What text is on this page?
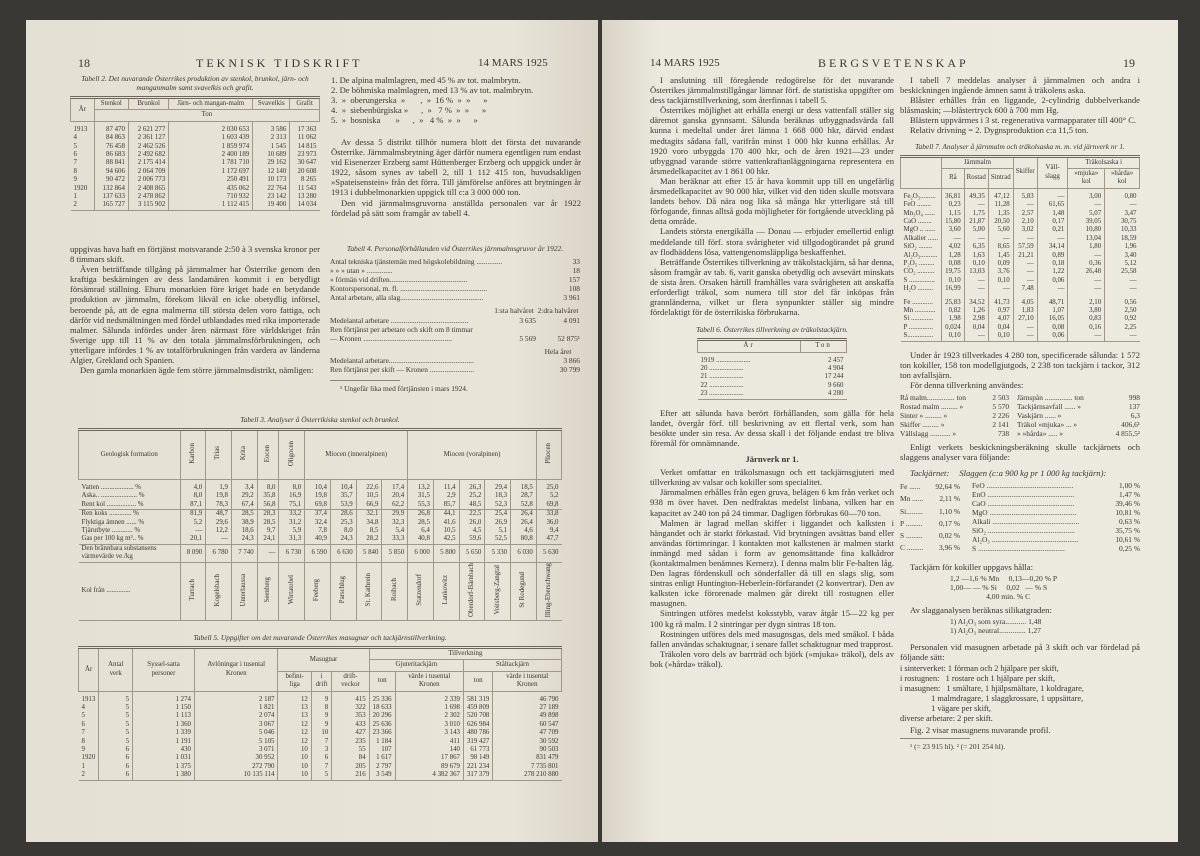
18	TEKNISK TIDSKRIFT	14 MARS 1925
Tabell 2. Det nuvarande Österrikes produktion av stenkol, brunkol, järn- och manganmalm samt svavelkis och grafit.
År	Stenkol	Brunkol	Järn- och mangan-malm	Svavelkis	Grafit
	Ton				
1913	87 470	2 621 277	2 030 653	3 586	17 363
4	84 863	2 361 127	1 603 439	2 313	11 062
5	76 458	2 462 526	1 859 974	1 545	14 815
6	86 683	2 492 682	2 400 189	10 689	23 973
7	88 841	2 175 414	1 781 710	29 162	30 647
8	94 606	2 064 709	1 172 697	12 140	20 608
9	90 472	2 006 773	250 491	10 173	8 265
1920	132 864	2 408 865	435 062	22 764	11 543
1	137 633	2 478 862	710 932	23 142	13 280
2	165 727	3 115 902	1 112 415	19 400	14 034

uppgivas hava haft en förtjänst motsvarande 2:50 à 3 svenska kronor per 8 timmars skift.

Även beträffande tillgång på järnmalmer har Österrike genom den kraftiga beskärningen av dess landamären kommit i en betydligt försämrad ställning. Ehuru monarkien före kriget hade en betydande produktion av järnmalm, förekom likväl en icke obetydlig införsel, beroende på, att de egna malmerna till största delen voro fattiga, och därför vid nedsmältningen med fördel utblandades med rika importerade malmer. Sålunda infördes under åren närmast före världskriget från Sverige upp till 11 % av den totala järnmalmsförbrukningen, och ytterligare infördes 1 % av totalförbrukningen från vardera av länderna Algier, Grekland och Spanien.

Den gamla monarkien ägde fem större järnmalmsdistrikt, nämligen:

1. De alpina malmlagren, med 45 % av tot. malmbrytn.
2. De böhmiska malmlagren, med 13 % av tot. malmbrytn.
3.  »  oberungerska  »       ,  »  16 %  »  »      »
4.  »  siebenbürgiska »      ,  »   7 %  »  »      »
5.  »  bosniska       »      ,  »   4 %  »  »      »

Av dessa 5 distrikt tillhör numera blott det första det nuvarande Österrike. Järnmalmsbrytning äger därför numera egentligen rum endast vid Eisenerzer Erzberg samt Hüttenberger Erzberg och uppgick under år 1922, såsom synes av tabell 2, till 1 112 415 ton, huvudsakligen »Spateisenstein» från det förra. Till jämförelse anföres att brytningen år 1913 i dubbelmonarkien uppgick till c:a 3 000 000 ton.

Den vid järnmalmsgruvorna anställda personalen var år 1922 fördelad på sätt som framgår av tabell 4.

Tabell 4. Personalförhållanden vid Österrikes järnmalmsgruvor år 1922.
Antal tekniska tjänstemän med högskolebildning ..............	33
» » » utan » ..............	18
» förmän vid driften..........................................	157
Kontorspersonal, m. fl. ...............................................	108
Antal arbetare, alla slag.............................................	3 961
	1:sta halvåret	2:dra halvåret
Medelantal arbetare ..........................................	3 635	4 091
Ren förtjänst per arbetare och skift om 8 timmar		
— Kronen ................................................	5 569	52 875¹
	Hela året
Medelantal arbetare..............................................	3 866
Ren förtjänst per skift — Kronen ........................	30 799
¹ Ungefär lika med förtjänsten i mars 1924.
Tabell 3. Analyser å Österrikiska stenkol och brunkol.
Geologisk formation	Karbon	Trias	Krita	Eocen	Oligocen	Miocen (inneralpinen)				Miocen (voralpinen)					Pliocen
Vatten ................... %	4,0	1,9	3,4	8,0	8,0	10,4	10,4	22,6	17,4	13,2	11,4	26,3	29,4	18,5	25,0
Aska.. ..................... %	8,0	19,8	29,2	35,8	16,9	19,8	35,7	10,5	20,4	31,5	2,9	25,2	18,3	28,7	5,2
Rent kol ................. %	87,1	78,3	67,4	56,8	75,1	69,8	53,9	66,9	62,2	55,3	85,7	48,5	52,3	52,8	69,8
Ren koks ............. %	81,9	48,7	28,5	28,3	33,2	37,4	28,6	32,1	29,9	26,8	44,1	22,5	25,4	26,4	33,8
Flyktiga ämnen ...... %	5,2	29,6	38,9	28,5	31,2	32,4	25,3	34,8	32,3	28,5	41,6	26,0	26,9	26,4	36,0
Tjärutbyte ............ %	—	12,2	18,6	9,7	5,9	7,8	8,0	8,5	5,4	6,4	10,5	4,5	5,1	4,6	9,4
Gas per 100 kg m³.. %	20,1	—	24,3	24,1	31,3	40,9	24,3	28,2	33,3	40,8	42,5	59,6	52,5	80,8	47,7
Den brännbara substansens värmevärde ve./kg	8 090	6 780	7 740	—	6 730	6 590	6 630	5 840	5 850	6 000	5 800	5 650	5 330	6 030	5 630
Kol från ..............	Turrach	Kogelsbach	Unterlaussa	Seenberg	Wirtatobel	Feeberg	Parschlug	St. Kathrein	Roibach	Statzendorf	Lankowitz	Oberdorf-Bärnbach	Voitsberg-Zangtal	St Rodegund	Illing-Eberschwang
Tabell 5. Uppgifter om det nuvarande Österrikes masugnar och tackjärnstillverkning.
År	Antal verk	Syssel-satta personer	Avlöningar i tusental Kronen	Masugnar			Tillverkning			
							Gjuteritackjärn		Ståltackjärn	
				befint-liga	i drift	drift-veckor	ton	värde i tusental Kronen	ton	värde i tusental Kronen
1913	5	1 274	2 187	12	9	415	25 336	2 339	581 319	46 790
4	5	1 150	1 821	13	8	322	18 633	1 698	459 809	27 189
5	5	1 113	2 074	13	9	353	20 296	2 302	520 708	49 898
6	5	1 360	3 067	12	9	433	25 636	3 010	626 984	60 547
7	5	1 339	5 046	12	10	427	23 366	3 143	480 786	47 709
8	5	1 191	5 105	12	7	235	1 184	411	319 427	30 592
9	6	430	3 071	10	3	55	107	140	61 773	90 503
1920	6	1 031	30 952	10	6	84	1 617	17 867	98 149	831 479
1	6	1 375	272 790	10	7	205	2 797	89 679	221 234	7 735 801
2	6	1 380	10 135 114	10	5	216	3 549	4 382 367	317 379	278 210 880
14 MARS 1925	BERGSVETENSKAP	19

I anslutning till föregående redogörelse för det nuvarande Österrikes järnmalmstillgångar lämnar förf. de statistiska uppgifter om dess tackjärnstillverkning, som återfinnas i tabell 5.

Österrikes möjlighet att erhålla energi ur dess vattenfall ställer sig däremot ganska gynnsamt. Sålunda beräknas utbyggnadsvärda fall kunna i medeltal under året lämna 1 668 000 hkr, därvid endast medtagits sådana fall, varifrån minst 1 000 hkr kunna erhållas. År 1920 voro utbyggda 170 400 hkr, och de åren 1921—23 under utbyggnad varande större vattenkraftanläggningarna representera en årsmedelkapacitet av 1 861 00 hkr.

Man beräknar att efter 15 år hava kommit upp till en ungefärlig årsmedelkapacitet av 90 000 hkr, vilket vid den tiden skulle motsvara landets behov. Då nära nog lika så många hkr ytterligare stå till förfogande, finnas alltså goda möjligheter för fortgående utveckling på detta område.

Landets största energikälla — Donau — erbjuder emellertid enligt meddelande till förf. stora svårigheter vid tillgodogörandet på grund av flodbäddens lösa, vattengenomsläppliga beskaffenhet.

Beträffande Österrikes tillverkning av träkolstackjärn, så har denna, såsom framgår av tab. 6, varit ganska obetydlig och avsevärt minskats de sista åren. Orsaken härtill framhålles vara svårigheten att anskaffa erforderligt träkol, som numera till stor del får inköpas från grannländerna, vilket ur flera synpunkter ställer sig mindre fördelaktigt för de österrikiska förbrukarna.

Tabell 6. Österrikes tillverkning av träkolstackjärn.
År	Ton
1919 ....................	2 457
20 ....................	4 904
21 ....................	17 244
22 ....................	9 660
23 ....................	4 280

Efter att sålunda hava berört förhållanden, som gälla för hela landet, övergår förf. till beskrivning av ett flertal verk, som han besökte under sin resa. Av dessa skall i det följande endast tre bliva föremål för omnämnande.

Järnverk nr 1.

Verket omfattar en träkolsmasugn och ett tackjärnsgjuteri med tillverkning av valsar och kokiller som specialitet.

Järnmalmen erhålles från egen gruva, belägen 6 km från verket och 938 m över havet. Den nedfraktas medelst linbana, vilken har en kapacitet av 240 ton på 24 timmar. Dagligen förbrukas 60—70 ton.

Malmen är lagrad mellan skiffer i liggandet och kalksten i hängandet och är starkt förkastad. Vid brytningen avsättas band eller användas förtimringar. I kontakten mot kalkstenen är malmen starkt inmängd med sådan i form av genomsättande fina kalkådror (kontaktmalmen benämnes Kernerz). I denna malm blir Fe-halten låg. Den lagras fördenskull och sönderfaller då till en slags slig, som sintras enligt Huntington-Heberlein-förfarandet (2 konvertrar). Den av kalksten icke förorenade malmen går direkt till rostugnen eller masugnen.

Sintringen utföres medelst koksstybb, varav åtgår 15—22 kg per 100 kg rå malm. I 2 sintringar per dygn sintras 18 ton.

Rostningen utföres dels med masugnsgas, dels med småkol. I båda fallen användas schaktugnar, i senare fallet schaktugnar med trapprost.

Träkolen voro dels av barrträd och björk (»mjuka» träkol), dels av bok (»hårda» träkol).

I tabell 7 meddelas analyser å järnmalmen och andra i beskickningen ingående ämnen samt å träkolens aska.

Blåster erhålles från en liggande, 2-cylindrig dubbelverkande blåsmaskin; —blåstertryck 600 à 700 mm Hg.

Blästern uppvärmes i 3 st. regenerativa varmapparater till 400° C.

Relativ drivning = 2. Dygnsproduktion c:a 11,5 ton.

Tabell 7. Analyser å järnmalm och träkolsaska m. m. vid järnverk nr 1.
	Järnmalm			Skiffer	Väll-slagg	Träkolsaska i	
	Rå	Rostad	Sintrad			»mjuka» kol	»hårda» kol
Fe₂O₃.........	36,81	49,35	47,12	5,83	—	3,00	0,80
FeO ........	0,23	—	11,28	—	61,65	—	—
Mn₃O₄ ......	1,15	1,75	1,35	2,57	1,48	5,07	3,47
CaO ........	15,80	21,87	20,50	2,10	0,17	39,05	30,75
MgO .. ......	3,60	5,00	5,60	3,02	0,21	10,80	10,33
Alkalier ......	—	—	—	—	—	13,04	18,59
SiO₂ ........	4,02	6,35	8,65	57,59	34,14	1,80	1,96
Al₂O₃..........	1,28	1,63	1,45	21,21	0,89	—	3,40
P₂O₅ .........	0,08	0,10	0,09	—	0,18	0,36	5,12
CO₂ ..........	19,75	13,03	3,76	—	1,22	26,48	25,58
S ...............	0,10	—	0,10	—	0,06	—	—
H₂O .........	16,99	—	—	7,48	—	—	—
Fe ............	25,83	34,52	41,73	4,05	48,71	2,10	0,56
Mn ............	0,82	1,26	0,97	1,83	1,07	3,80	2,50
Si .............	1,98	2,98	4,07	27,10	16,05	0,83	0,92
P ..............	0,024	0,04	0,04	—	0,08	0,16	2,25
S...............	0,10	—	0,10	—	0,06	—	—

Under år 1923 tillverkades 4 280 ton, specificerade sålunda: 1 572 ton kokiller, 158 ton modellgjutgods, 2 238 ton tackjärn i tackor, 312 ton avfallsjärn.

För denna tillverkning användes:

Rå malm............... ton	2 503	Järnspån ............... ton	998
Rostad malm ......... »	5 570	Tackjärnsavfall ...... »	137
Sinter » ......... »	2 226	Vaskjärn ...... »	6,3
Skiffer ......... »	2 141	Träkol »mjuka» ... »	406,6¹
Vällslagg ........... »	738	» »hårda» ..... »	4 855,5²

Enligt verkets beskickningsberäkning skulle tackjärnets och slaggens analyser vara följande:

Tackjärnet: Slaggen (c:a 900 kg pr 1 000 kg tackjärn):
Fe ......	92,64 %
Mn ......	2,11 %
Si.........	1,10 %
P .........	0,17 %
S .........	0,02 %
C .........	3,96 %
FeO ...............................................	1,00 %
EnO ...............................................	1,47 %
CaO ...............................................	39,46 %
MgO ...............................................	10,81 %
Alkali ...............................................	0,63 %
SiO₂ ...............................................	35,75 %
Al₂O₃ ...............................................	10,61 %
S ...............................................	0,25 %

Tackjärn för kokiller uppgavs hålla:

1,2 —1,6 % Mn     0,13—0,20 % P
1,00— — % Si     0,02   — % S
4,00 min. % C

Av slagganalysen beräknas silikatgraden:

1) Al₂O₃ som syra........... 1,48
1) Al₂O₃ neutral.............. 1,27

Personalen vid masugnen arbetade på 3 skift och var fördelad på följande sätt:

i sinterverket: 1 förman och 2 hjälpare per skift,
i rostugnen:   1 rostare och 1 hjälpare per skift,
i masugnen:   1 smältare, 1 hjälpsmältare, 1 koldragare,
1 malmdragare, 1 slaggkrossare, 1 uppsättare,
1 vägare per skift,
diverse arbetare: 2 per skift.

Fig. 2 visar masugnens nuvarande profil.

¹ (= 23 915 hl). ² (= 201 254 hl).
